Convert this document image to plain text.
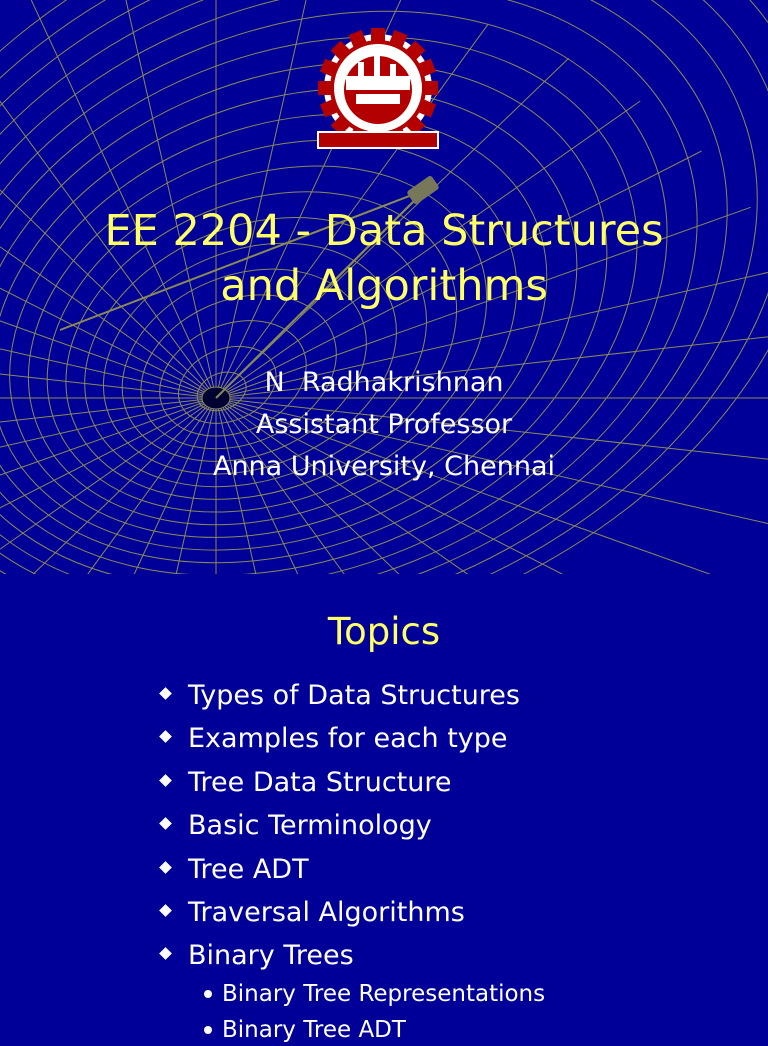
EE 2204 - Data Structures
and Algorithms
N  Radhakrishnan
Assistant Professor
Anna University, Chennai
Topics
Types of Data Structures
Examples for each type
Tree Data Structure
Basic Terminology
Tree ADT
Traversal Algorithms
Binary Trees
Binary Tree Representations
Binary Tree ADT
